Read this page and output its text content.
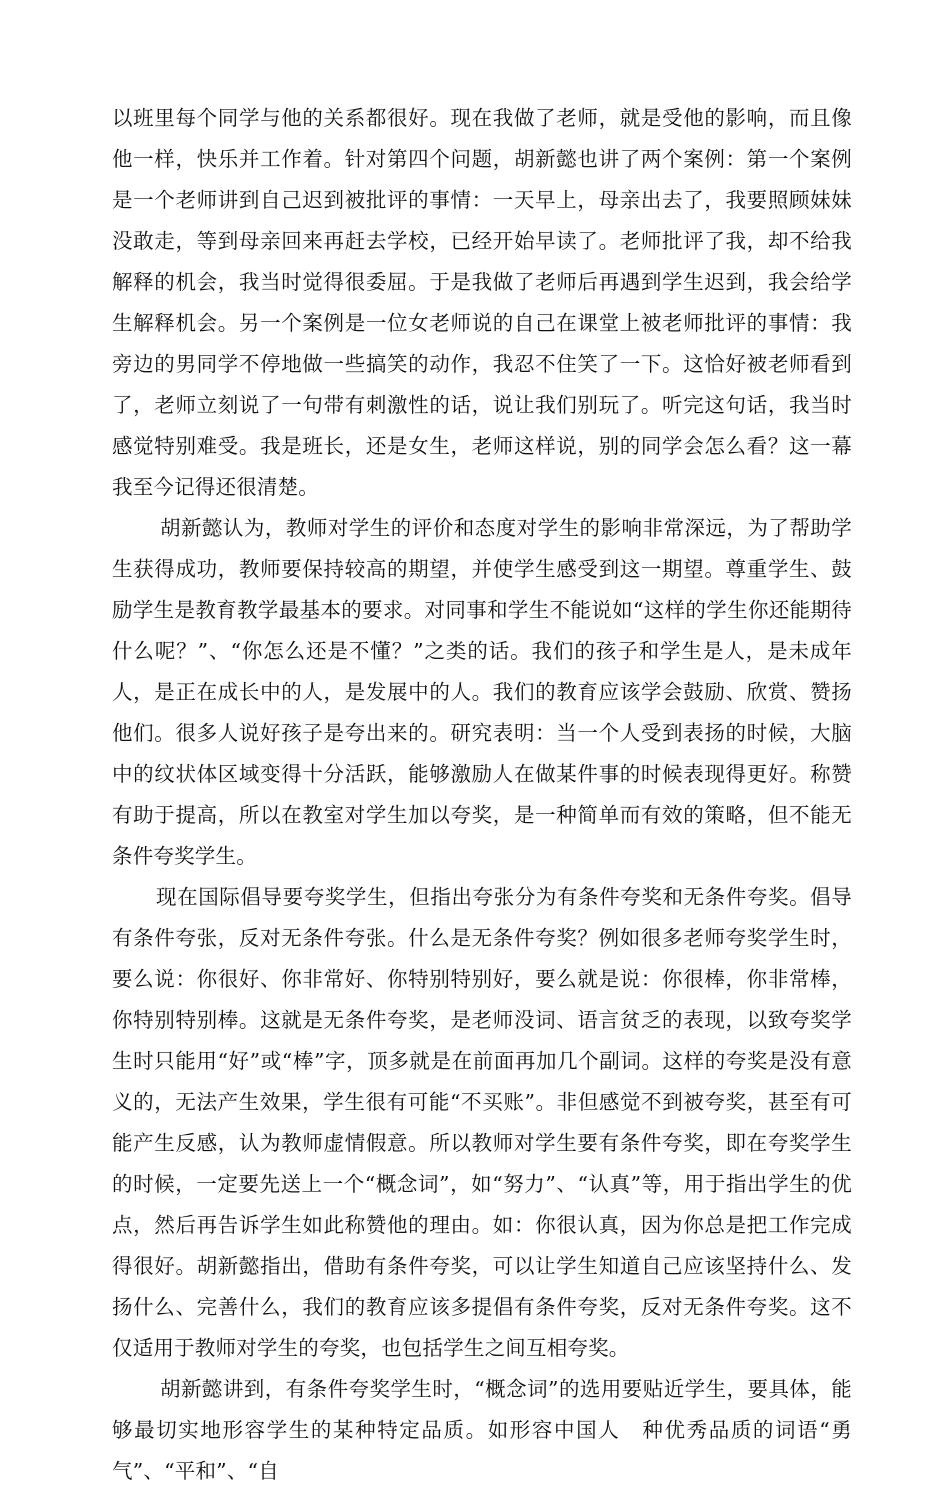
以班里每个同学与他的关系都很好。现在我做了老师，就是受他的影响，而且像他一样，快乐并工作着。针对第四个问题，胡新懿也讲了两个案例：第一个案例是一个老师讲到自己迟到被批评的事情：一天早上，母亲出去了，我要照顾妹妹没敢走，等到母亲回来再赶去学校，已经开始早读了。老师批评了我，却不给我解释的机会，我当时觉得很委屈。于是我做了老师后再遇到学生迟到，我会给学生解释机会。另一个案例是一位女老师说的自己在课堂上被老师批评的事情：我旁边的男同学不停地做一些搞笑的动作，我忍不住笑了一下。这恰好被老师看到了，老师立刻说了一句带有刺激性的话，说让我们别玩了。听完这句话，我当时感觉特别难受。我是班长，还是女生，老师这样说，别的同学会怎么看？这一幕我至今记得还很清楚。

胡新懿认为，教师对学生的评价和态度对学生的影响非常深远，为了帮助学生获得成功，教师要保持较高的期望，并使学生感受到这一期望。尊重学生、鼓励学生是教育教学最基本的要求。对同事和学生不能说如“这样的学生你还能期待什么呢？”、“你怎么还是不懂？”之类的话。我们的孩子和学生是人，是未成年人，是正在成长中的人，是发展中的人。我们的教育应该学会鼓励、欣赏、赞扬他们。很多人说好孩子是夸出来的。研究表明：当一个人受到表扬的时候，大脑中的纹状体区域变得十分活跃，能够激励人在做某件事的时候表现得更好。称赞有助于提高，所以在教室对学生加以夸奖，是一种简单而有效的策略，但不能无条件夸奖学生。

现在国际倡导要夸奖学生，但指出夸张分为有条件夸奖和无条件夸奖。倡导有条件夸张，反对无条件夸张。什么是无条件夸奖？例如很多老师夸奖学生时，要么说：你很好、你非常好、你特别特别好，要么就是说：你很棒，你非常棒，你特别特别棒。这就是无条件夸奖，是老师没词、语言贫乏的表现，以致夸奖学生时只能用“好”或“棒”字，顶多就是在前面再加几个副词。这样的夸奖是没有意义的，无法产生效果，学生很有可能“不买账”。非但感觉不到被夸奖，甚至有可能产生反感，认为教师虚情假意。所以教师对学生要有条件夸奖，即在夸奖学生的时候，一定要先送上一个“概念词”，如“努力”、“认真”等，用于指出学生的优点，然后再告诉学生如此称赞他的理由。如：你很认真，因为你总是把工作完成得很好。胡新懿指出，借助有条件夸奖，可以让学生知道自己应该坚持什么、发扬什么、完善什么，我们的教育应该多提倡有条件夸奖，反对无条件夸奖。这不仅适用于教师对学生的夸奖，也包括学生之间互相夸奖。

胡新懿讲到，有条件夸奖学生时，“概念词”的选用要贴近学生，要具体，能够最切实地形容学生的某种特定品质。如形容中国人　种优秀品质的词语“勇气”、“平和”、“自
